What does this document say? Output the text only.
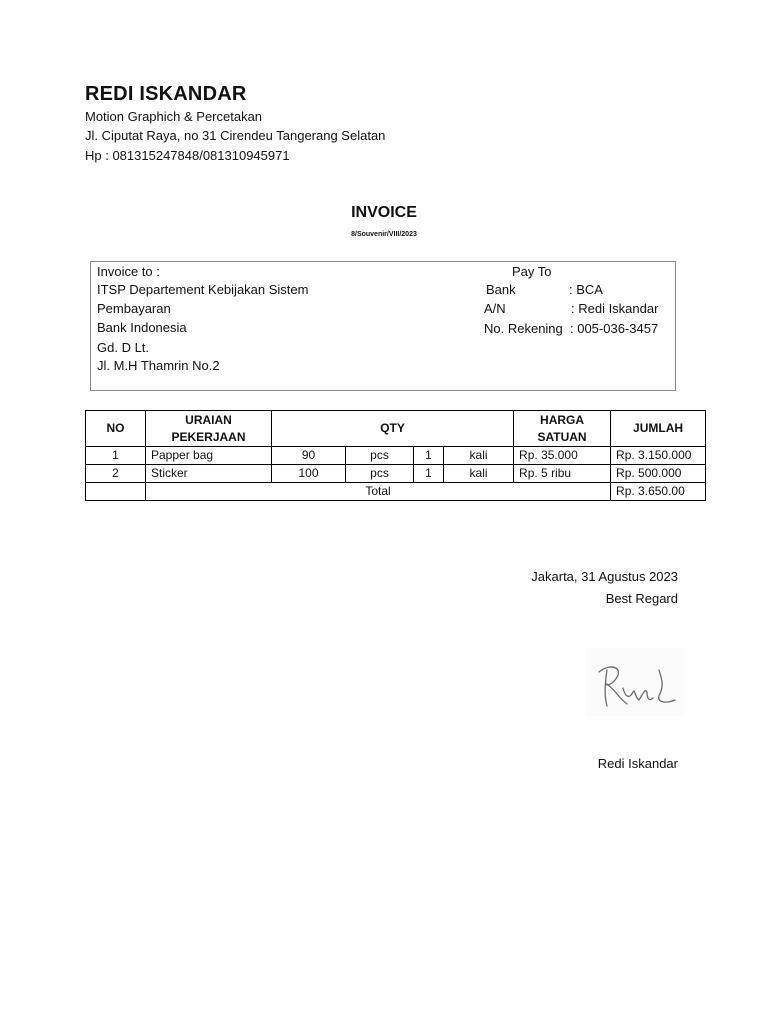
REDI ISKANDAR
Motion Graphich & Percetakan
Jl. Ciputat Raya, no 31 Cirendeu Tangerang Selatan
Hp : 081315247848/081310945971
INVOICE
8/Souvenir/VIII/2023
Invoice to :
ITSP Departement Kebijakan Sistem
Pembayaran
Bank Indonesia
Gd. D Lt.
Jl. M.H Thamrin No.2
Pay To
Bank	: BCA
A/N	: Redi Iskandar
No. Rekening : 005-036-3457
NO	URAIAN PEKERJAAN	QTY				HARGA SATUAN	JUMLAH
1	Papper bag	90	pcs	1	kali	Rp. 35.000	Rp. 3.150.000
2	Sticker	100	pcs	1	kali	Rp. 5 ribu	Rp. 500.000
	Total						Rp. 3.650.00
Jakarta, 31 Agustus 2023
Best Regard
Redi Iskandar
